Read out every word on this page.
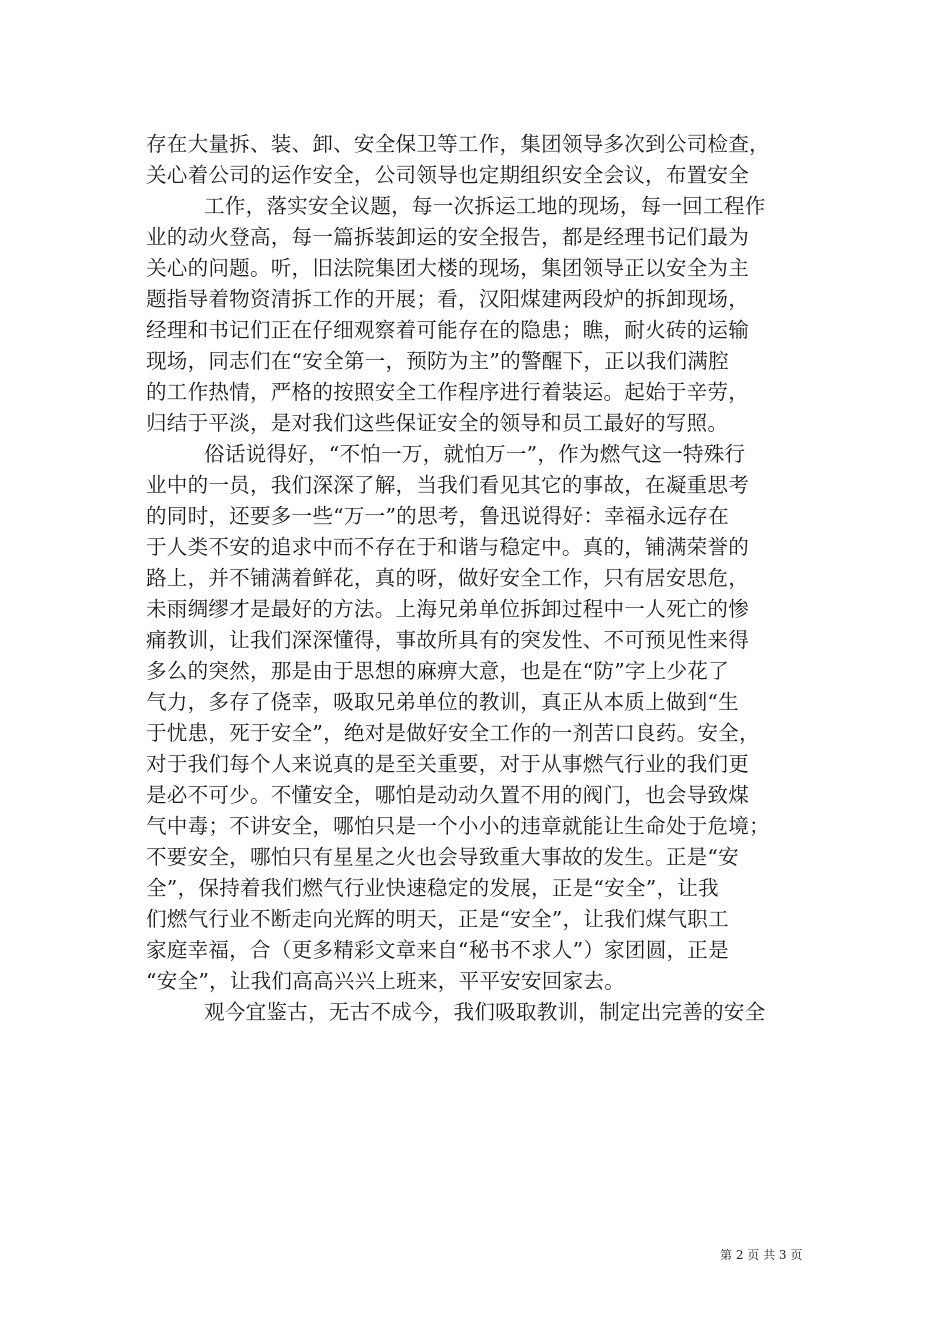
存在大量拆、装、卸、安全保卫等工作，集团领导多次到公司检查，
关心着公司的运作安全，公司领导也定期组织安全会议，布置安全
工作，落实安全议题，每一次拆运工地的现场，每一回工程作
业的动火登高，每一篇拆装卸运的安全报告，都是经理书记们最为
关心的问题。听，旧法院集团大楼的现场，集团领导正以安全为主
题指导着物资清拆工作的开展；看，汉阳煤建两段炉的拆卸现场，
经理和书记们正在仔细观察着可能存在的隐患；瞧，耐火砖的运输
现场，同志们在“安全第一，预防为主”的警醒下，正以我们满腔
的工作热情，严格的按照安全工作程序进行着装运。起始于辛劳，
归结于平淡，是对我们这些保证安全的领导和员工最好的写照。
俗话说得好，“不怕一万，就怕万一”，作为燃气这一特殊行
业中的一员，我们深深了解，当我们看见其它的事故，在凝重思考
的同时，还要多一些“万一”的思考，鲁迅说得好：幸福永远存在
于人类不安的追求中而不存在于和谐与稳定中。真的，铺满荣誉的
路上，并不铺满着鲜花，真的呀，做好安全工作，只有居安思危，
未雨绸缪才是最好的方法。上海兄弟单位拆卸过程中一人死亡的惨
痛教训，让我们深深懂得，事故所具有的突发性、不可预见性来得
多么的突然，那是由于思想的麻痹大意，也是在“防”字上少花了
气力，多存了侥幸，吸取兄弟单位的教训，真正从本质上做到“生
于忧患，死于安全”，绝对是做好安全工作的一剂苦口良药。安全，
对于我们每个人来说真的是至关重要，对于从事燃气行业的我们更
是必不可少。不懂安全，哪怕是动动久置不用的阀门，也会导致煤
气中毒；不讲安全，哪怕只是一个小小的违章就能让生命处于危境；
不要安全，哪怕只有星星之火也会导致重大事故的发生。正是“安
全”，保持着我们燃气行业快速稳定的发展，正是“安全”，让我
们燃气行业不断走向光辉的明天，正是“安全”，让我们煤气职工
家庭幸福，合（更多精彩文章来自“秘书不求人”）家团圆，正是
“安全”，让我们高高兴兴上班来，平平安安回家去。
观今宜鉴古，无古不成今，我们吸取教训，制定出完善的安全
第 2 页 共 3 页
